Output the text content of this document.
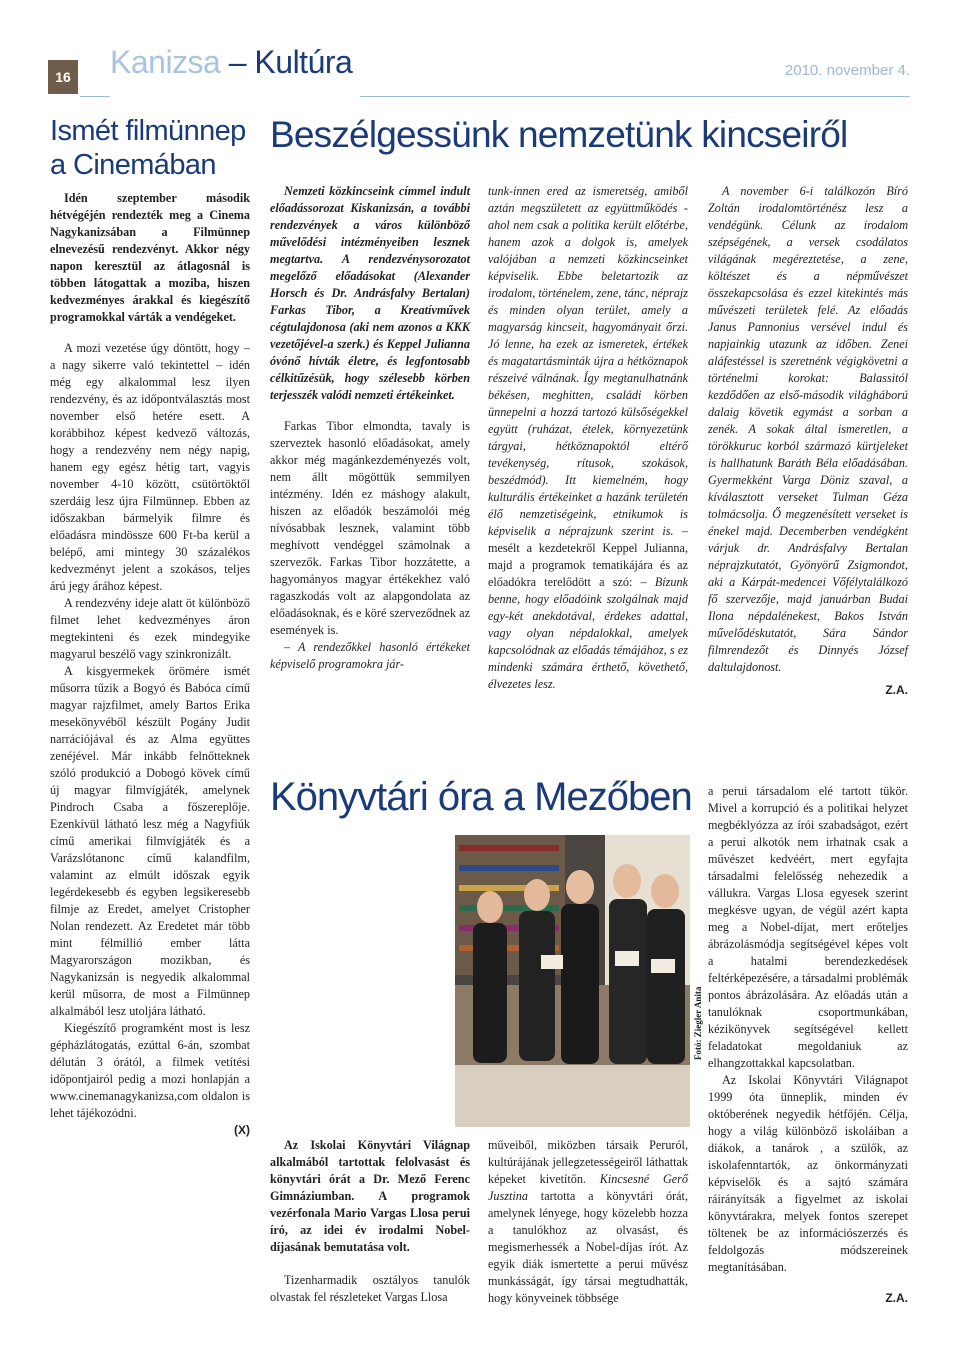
16 Kanizsa – Kultúra	2010. november 4.
Ismét filmünnep
a Cinemában

Idén szeptember második hétvégéjén rendezték meg a Cinema Nagykanizsában a Filmünnep elnevezésű rendezvényt. Akkor négy napon keresztül az átlagosnál is többen látogattak a moziba, hiszen kedvezményes árakkal és kiegészítő programokkal várták a vendégeket.

A mozi vezetése úgy döntött, hogy – a nagy sikerre való tekintettel – idén még egy alkalommal lesz ilyen rendezvény, és az időpontválasztás most november első hetére esett. A korábbihoz képest kedvező változás, hogy a rendezvény nem négy napig, hanem egy egész hétig tart, vagyis november 4-10 között, csütörtöktől szerdáig lesz újra Filmünnep. Ebben az időszakban bármelyik filmre és előadásra mindössze 600 Ft-ba kerül a belépő, ami mintegy 30 százalékos kedvezményt jelent a szokásos, teljes árú jegy árához képest.

A rendezvény ideje alatt öt különböző filmet lehet kedvezményes áron megtekinteni és ezek mindegyike magyarul beszélő vagy szinkronizált.

A kisgyermekek örömére ismét műsorra tűzik a Bogyó és Babóca című magyar rajzfilmet, amely Bartos Erika mesekönyvéből készült Pogány Judit narrációjával és az Alma együttes zenéjével. Már inkább felnőtteknek szóló produkció a Dobogó kövek című új magyar filmvígjáték, amelynek Pindroch Csaba a főszereplője. Ezenkívül látható lesz még a Nagyfiúk című amerikai filmvígjáték és a Varázslótanonc című kalandfilm, valamint az elmúlt időszak egyik legérdekesebb és egyben legsikeresebb filmje az Eredet, amelyet Cristopher Nolan rendezett. Az Eredetet már több mint félmillió ember látta Magyarországon mozikban, és Nagykanizsán is negyedik alkalommal kerül műsorra, de most a Filmünnep alkalmából lesz utoljára látható.

Kiegészítő programként most is lesz gépházlátogatás, ezúttal 6-án, szombat délután 3 órától, a filmek vetítési időpontjairól pedig a mozi honlapján a www.cinemanagykanizsa,com oldalon is lehet tájékozódni.

(X)

Beszélgessünk nemzetünk kincseiről

Nemzeti közkincseink címmel indult előadássorozat Kiskanizsán, a további rendezvények a város különböző művelődési intézményeiben lesznek megtartva. A rendezvénysorozatot megelőző előadásokat (Alexander Horsch és Dr. Andrásfalvy Bertalan) Farkas Tibor, a Kreatívművek cégtulajdonosa (aki nem azonos a KKK vezetőjével-a szerk.) és Keppel Julianna óvónő hívták életre, és legfontosabb célkitűzésük, hogy szélesebb körben terjesszék valódi nemzeti értékeinket.

Farkas Tibor elmondta, tavaly is szerveztek hasonló előadásokat, amely akkor még magánkezdeményezés volt, nem állt mögöttük semmilyen intézmény. Idén ez máshogy alakult, hiszen az előadók beszámolói még nívósabbak lesznek, valamint több meghívott vendéggel számolnak a szervezők. Farkas Tibor hozzátette, a hagyományos magyar értékekhez való ragaszkodás volt az alapgondolata az előadásoknak, és e köré szerveződnek az események is.

– A rendezőkkel hasonló értékeket képviselő programokra jár-

tunk-innen ered az ismeretség, amiből aztán megszületett az együttműködés - ahol nem csak a politika került előtérbe, hanem azok a dolgok is, amelyek valójában a nemzeti közkincseinket képviselik. Ebbe beletartozik az irodalom, történelem, zene, tánc, néprajz és minden olyan terület, amely a magyarság kincseit, hagyományait őrzi. Jó lenne, ha ezek az ismeretek, értékek és magatartásminták újra a hétköznapok részeivé válnának. Így megtanulhatnánk békésen, meghitten, családi körben ünnepelni a hozzá tartozó külsőségekkel együtt (ruházat, ételek, környezetünk tárgyai, hétköznapoktól eltérő tevékenység, rítusok, szokások, beszédmód). Itt kiemelném, hogy kulturális értékeinket a hazánk területén élő nemzetiségeink, etnikumok is képviselik a néprajzunk szerint is. – mesélt a kezdetekről Keppel Julianna, majd a programok tematikájára és az előadókra terelődött a szó: – Bízunk benne, hogy előadóink szolgálnak majd egy-két anekdotával, érdekes adattal, vagy olyan népdalokkal, amelyek kapcsolódnak az előadás témájához, s ez mindenki számára érthető, követhető, élvezetes lesz.

A november 6-i találkozón Bíró Zoltán irodalomtörténész lesz a vendégünk. Célunk az irodalom szépségének, a versek csodálatos világának megéreztetése, a zene, költészet és a népművészet összekapcsolása és ezzel kitekintés más művészeti területek felé. Az előadás Janus Pannonius versével indul és napjainkig utazunk az időben. Zenei aláfestéssel is szeretnénk végigkövetni a történelmi korokat: Balassitól kezdődően az első-második világháború dalaig követik egymást a sorban a zenék. A sokak által ismeretlen, a törökkuruc korból származó kürtjeleket is hallhatunk Baráth Béla előadásában. Gyermekként Varga Döniz szaval, a kíválasztott verseket Tulman Géza tolmácsolja. Ő megzenésített verseket is énekel majd. Decemberben vendégként várjuk dr. Andrásfalvy Bertalan néprajzkutatót, Gyönyörű Zsigmondot, aki a Kárpát-medencei Vőfélytalálkozó fő szervezője, majd januárban Budai Ilona népdalénekest, Bakos István művelődéskutatót, Sára Sándor filmrendezőt és Dinnyés József daltulajdonost.

Z.A.

Könyvtári óra a Mezőben
Fotó: Ziegler Anita

Az Iskolai Könyvtári Világnap alkalmából tartottak felolvasást és könyvtári órát a Dr. Mező Ferenc Gimnáziumban. A programok vezérfonala Mario Vargas Llosa perui író, az idei év irodalmi Nobel-díjasának bemutatása volt.

Tizenharmadik osztályos tanulók olvastak fel részleteket Vargas Llosa

műveiből, miközben társaik Peruról, kultúrájának jellegzetességeiről láthattak képeket kivetítőn. Kincsesné Gerő Jusztina tartotta a könyvtári órát, amelynek lényege, hogy közelebb hozza a tanulókhoz az olvasást, és megismerhessék a Nobel-díjas írót. Az egyik diák ismertette a perui művész munkásságát, így társai megtudhatták, hogy könyveinek többsége

a perui társadalom elé tartott tükör. Mivel a korrupció és a politikai helyzet megbéklyózza az írói szabadságot, ezért a perui alkotók nem irhatnak csak a művészet kedvéért, mert egyfajta társadalmi felelősség nehezedik a vállukra. Vargas Llosa egyesek szerint megkésve ugyan, de végül azért kapta meg a Nobel-díjat, mert erőteljes ábrázolásmódja segítségével képes volt a hatalmi berendezkedések feltérképezésére, a társadalmi problémák pontos ábrázolására. Az előadás után a tanulóknak csoportmunkában, kézikönyvek segítségével kellett feladatokat megoldaniuk az elhangzottakkal kapcsolatban.

Az Iskolai Könyvtári Világnapot 1999 óta ünneplik, minden év októberének negyedik hétfőjén. Célja, hogy a világ különböző iskoláiban a diákok, a tanárok , a szülők, az iskolafenntartók, az önkormányzati képviselők és a sajtó számára ráirányítsák a figyelmet az iskolai könyvtárakra, melyek fontos szerepet töltenek be az információszerzés és feldolgozás módszereinek megtanításában.

Z.A.
